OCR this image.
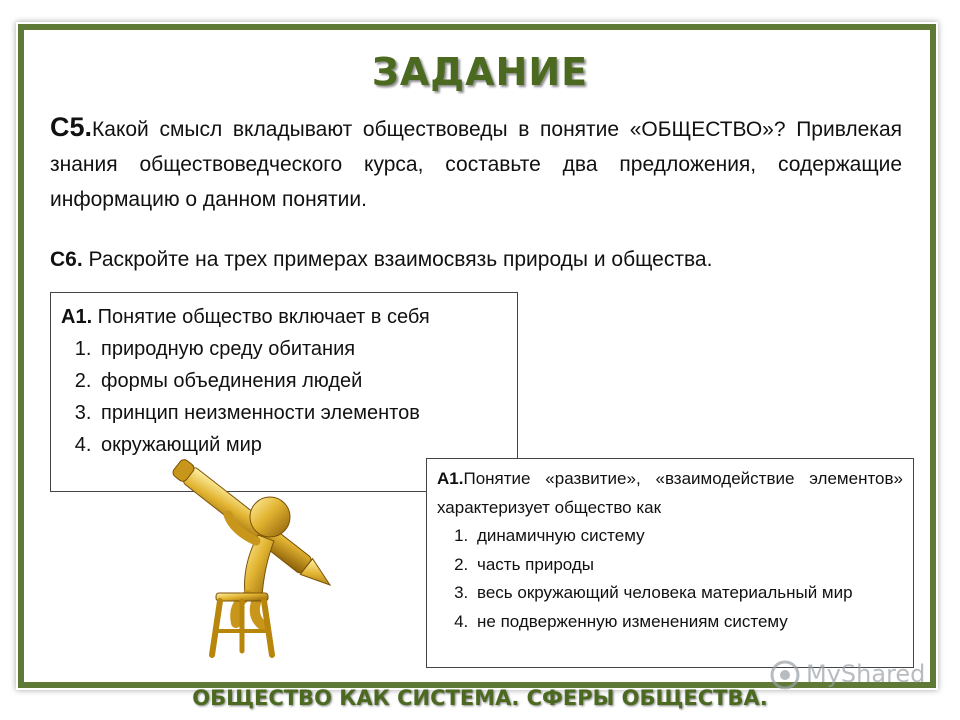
ЗАДАНИЕ
С5.Какой смысл вкладывают обществоведы в понятие «ОБЩЕСТВО»? Привлекая знания обществоведческого курса, составьте два предложения, содержащие информацию о данном понятии.
С6. Раскройте на трех примерах взаимосвязь природы и общества.
А1. Понятие общество включает в себя
1. природную среду обитания
2. формы объединения людей
3. принцип неизменности элементов
4. окружающий мир
А1.Понятие «развитие», «взаимодействие элементов» характеризует общество как
1. динамичную систему
2. часть природы
3. весь окружающий человека материальный мир
4. не подверженную изменениям систему
MyShared
ОБЩЕСТВО КАК СИСТЕМА. СФЕРЫ ОБЩЕСТВА.
